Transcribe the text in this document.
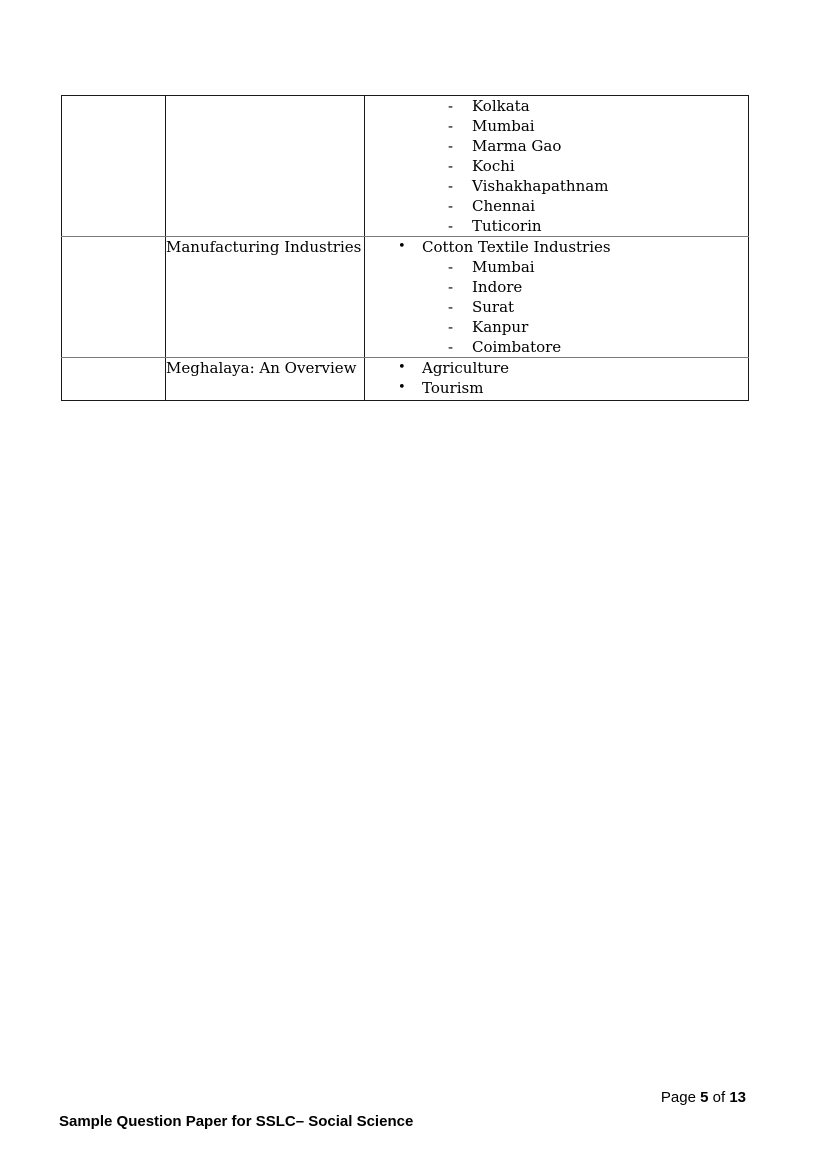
-	Kolkata
-	Mumbai
-	Marma Gao
-	Kochi
-	Vishakhapathnam
-	Chennai
-	Tuticorin

	Manufacturing Industries	•	Cotton Textile Industries
-	Mumbai
-	Indore
-	Surat
-	Kanpur
-	Coimbatore

	Meghalaya: An Overview	• Agriculture
• Tourism
Page 5 of 13
Sample Question Paper for SSLC– Social Science
